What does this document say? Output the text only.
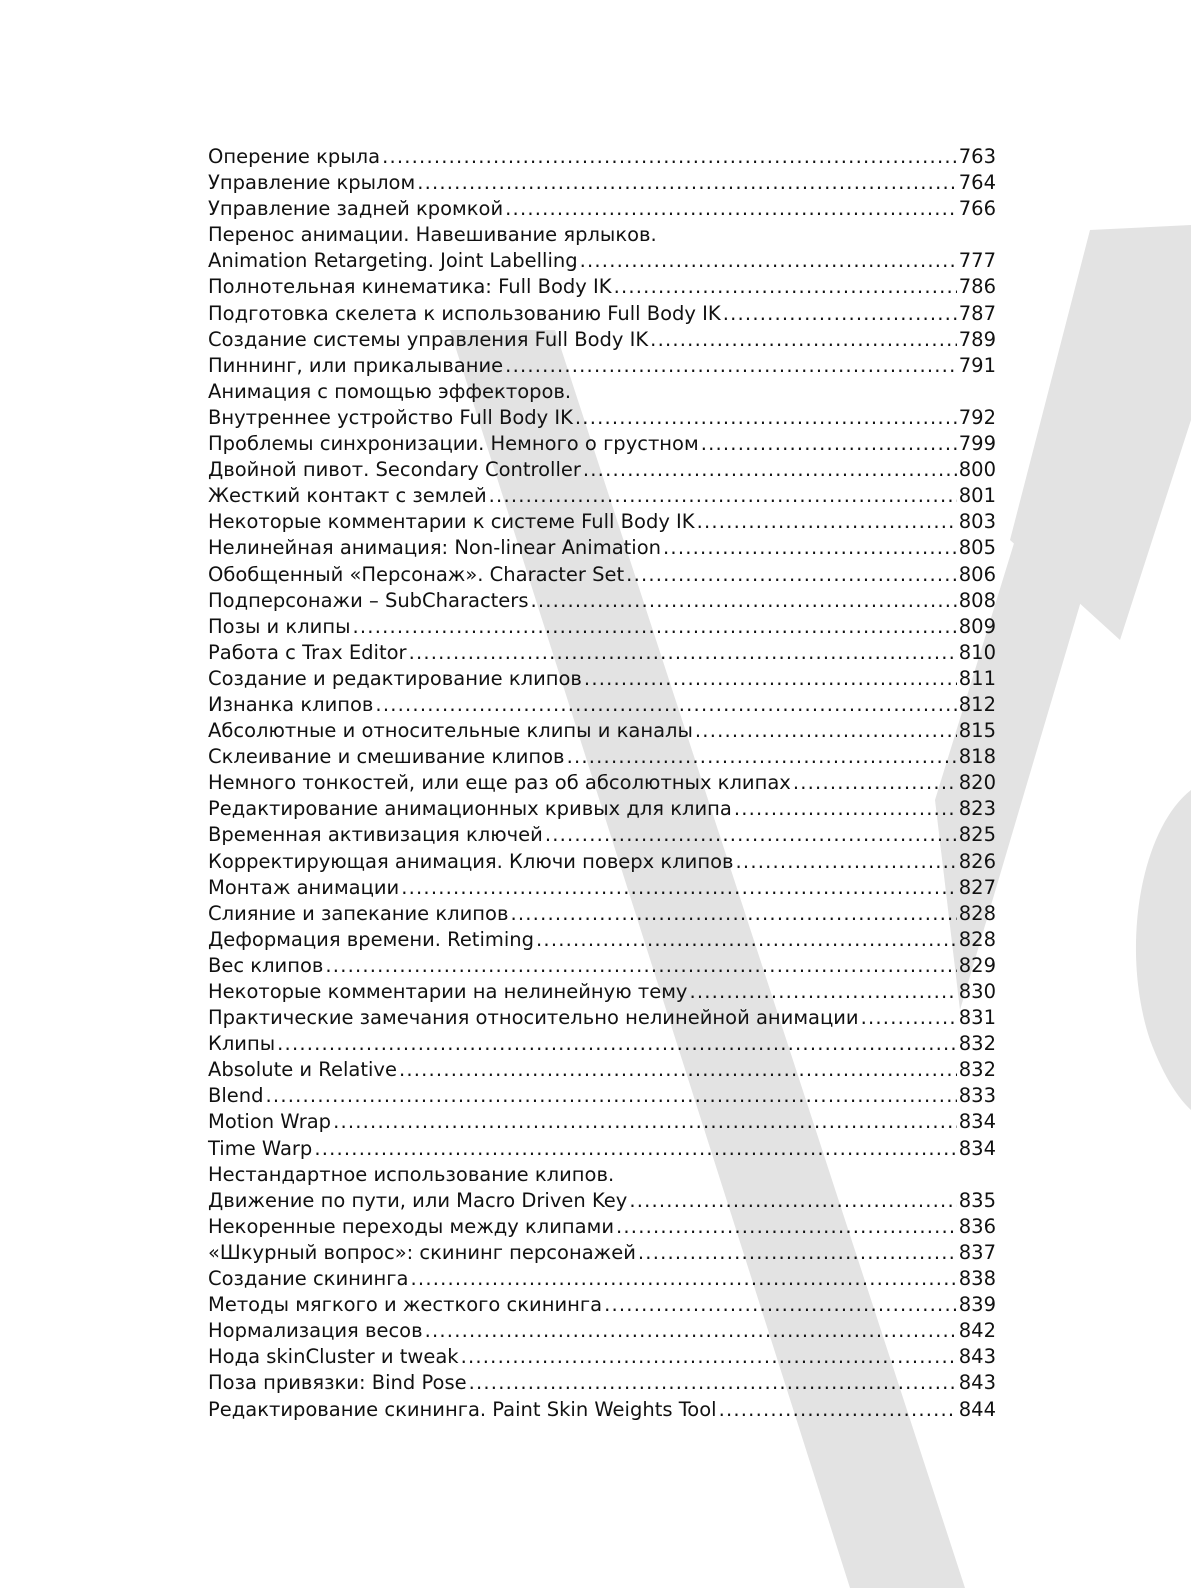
Оперение крыла .....	763
Управление крылом .....	764
Управление задней кромкой .....	766
Перенос анимации. Навешивание ярлыков.
Animation Retargeting. Joint Labelling .....	777
Полнотельная кинематика: Full Body IK .....	786
Подготовка скелета к использованию Full Body IK .....	787
Создание системы управления Full Body IK .....	789
Пиннинг, или прикалывание .....	791
Анимация с помощью эффекторов.
Внутреннее устройство Full Body IK .....	792
Проблемы синхронизации. Немного о грустном .....	799
Двойной пивот. Secondary Controller .....	800
Жесткий контакт с землей .....	801
Некоторые комментарии к системе Full Body IK .....	803
Нелинейная анимация: Non-linear Animation .....	805
Обобщенный «Персонаж». Character Set .....	806
Подперсонажи – SubCharacters .....	808
Позы и клипы .....	809
Работа с Trax Editor .....	810
Создание и редактирование клипов .....	811
Изнанка клипов .....	812
Абсолютные и относительные клипы и каналы .....	815
Склеивание и смешивание клипов .....	818
Немного тонкостей, или еще раз об абсолютных клипах .....	820
Редактирование анимационных кривых для клипа .....	823
Временная активизация ключей .....	825
Корректирующая анимация. Ключи поверх клипов .....	826
Монтаж анимации .....	827
Слияние и запекание клипов .....	828
Деформация времени. Retiming .....	828
Вес клипов .....	829
Некоторые комментарии на нелинейную тему .....	830
Практические замечания относительно нелинейной анимации .....	831
Клипы .....	832
Absolute и Relative .....	832
Blend .....	833
Motion Wrap .....	834
Time Warp .....	834
Нестандартное использование клипов.
Движение по пути, или Macro Driven Key .....	835
Некоренные переходы между клипами .....	836
«Шкурный вопрос»: скининг персонажей .....	837
Создание скининга .....	838
Методы мягкого и жесткого скининга .....	839
Нормализация весов .....	842
Нода skinCluster и tweak .....	843
Поза привязки: Bind Pose .....	843
Редактирование скининга. Paint Skin Weights Tool .....	844
